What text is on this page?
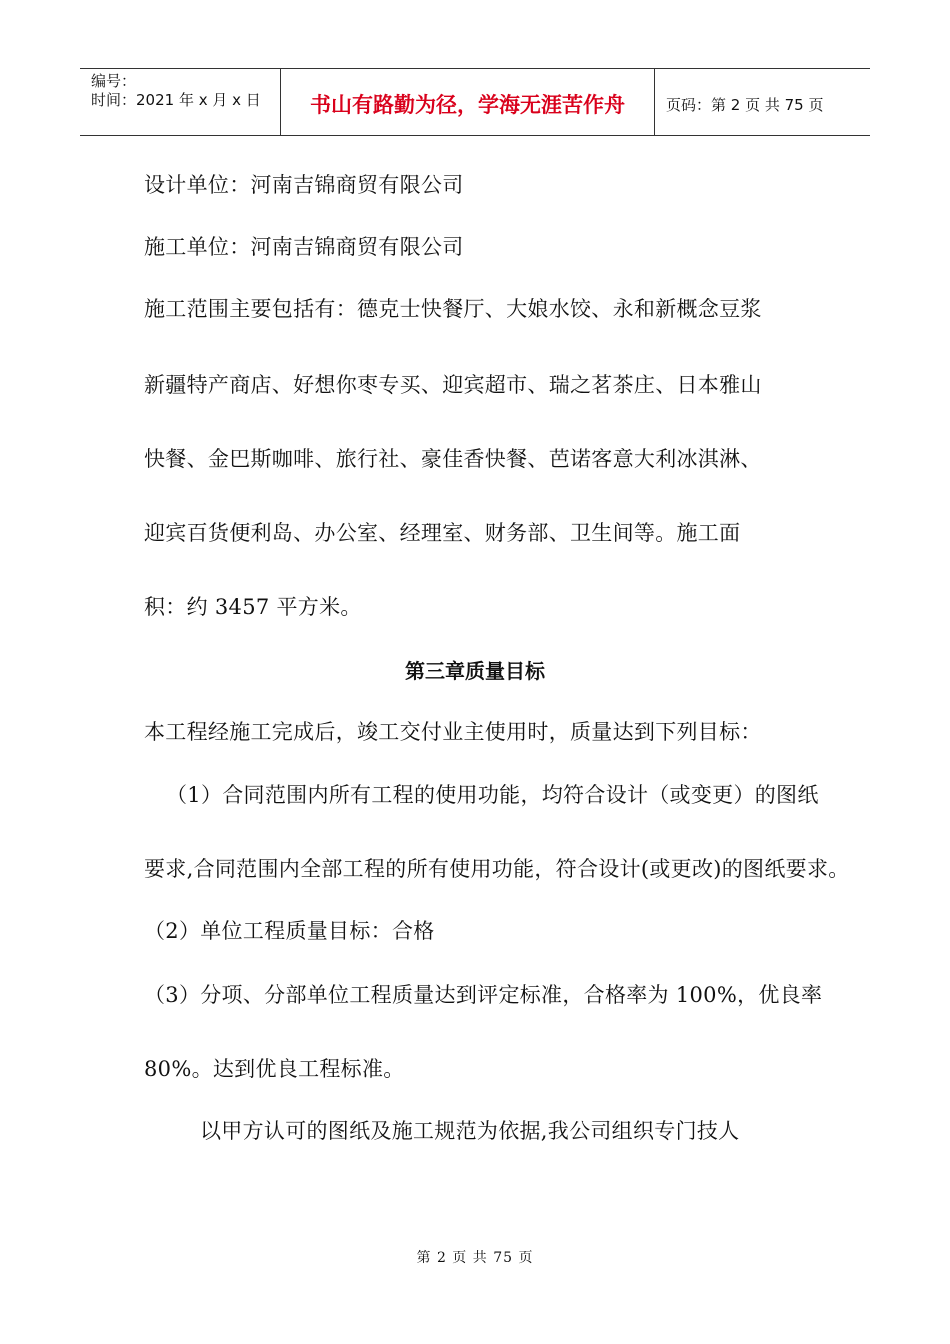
编号：
时间：2021 年 x 月 x 日	书山有路勤为径，学海无涯苦作舟	页码：第 2 页 共 75 页
设计单位：河南吉锦商贸有限公司
施工单位：河南吉锦商贸有限公司
施工范围主要包括有：德克士快餐厅、大娘水饺、永和新概念豆浆
新疆特产商店、好想你枣专买、迎宾超市、瑞之茗茶庄、日本雅山
快餐、金巴斯咖啡、旅行社、豪佳香快餐、芭诺客意大利冰淇淋、
迎宾百货便利岛、办公室、经理室、财务部、卫生间等。施工面
积：约 3457 平方米。
第三章质量目标
本工程经施工完成后，竣工交付业主使用时，质量达到下列目标：
（1）合同范围内所有工程的使用功能，均符合设计（或变更）的图纸
要求,合同范围内全部工程的所有使用功能，符合设计(或更改)的图纸要求。
（2）单位工程质量目标：合格
（3）分项、分部单位工程质量达到评定标准，合格率为 100%，优良率
80%。达到优良工程标准。
以甲方认可的图纸及施工规范为依据,我公司组织专门技人
第 2 页 共 75 页
